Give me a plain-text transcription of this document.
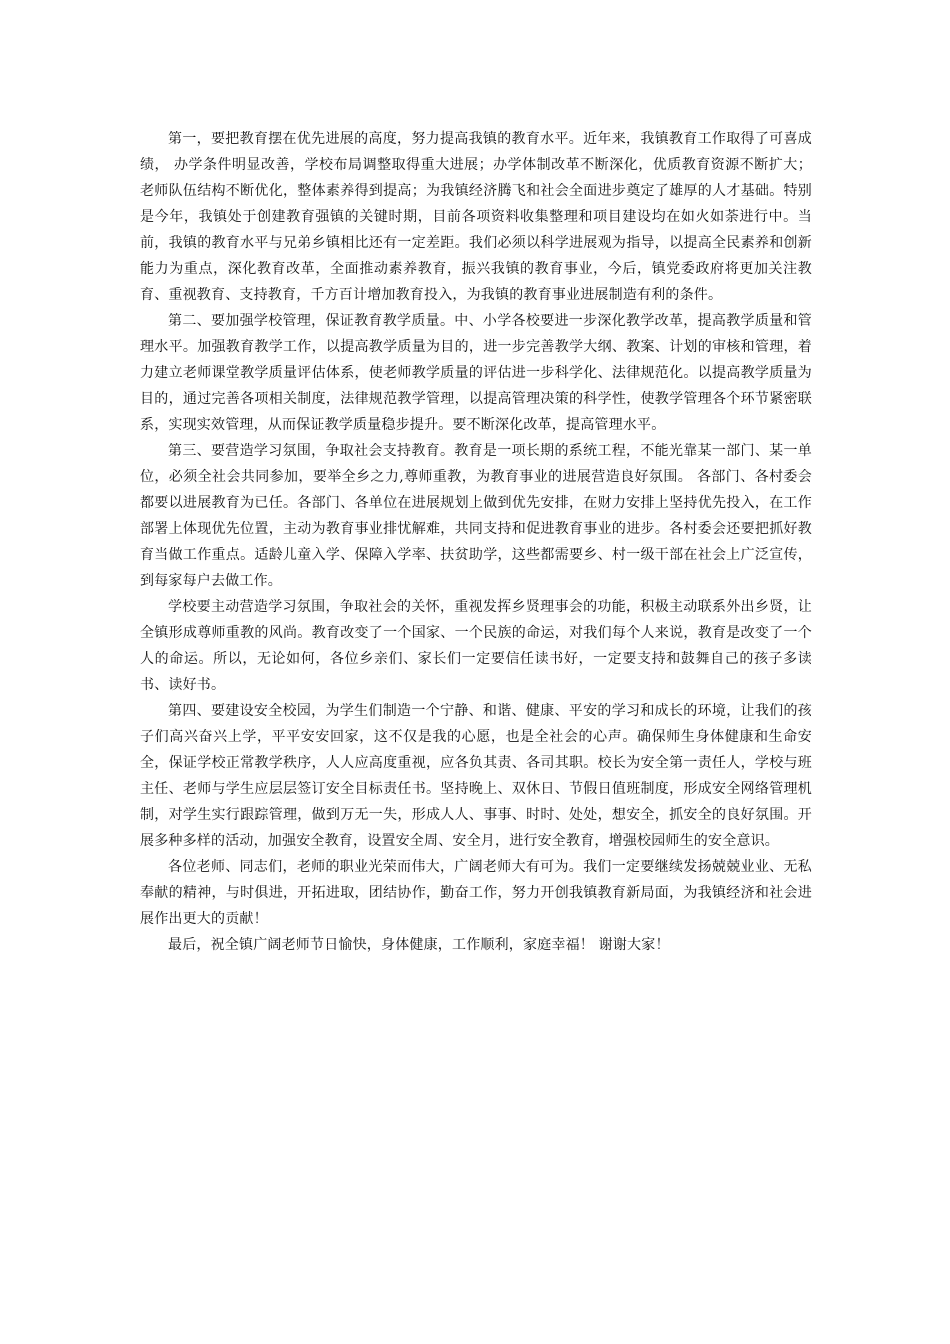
第一，要把教育摆在优先进展的高度，努力提高我镇的教育水平。近年来，我镇教育工作取得了可喜成绩， 办学条件明显改善，学校布局调整取得重大进展；办学体制改革不断深化，优质教育资源不断扩大；老师队伍结构不断优化，整体素养得到提高；为我镇经济腾飞和社会全面进步奠定了雄厚的人才基础。特别是今年，我镇处于创建教育强镇的关键时期，目前各项资料收集整理和项目建设均在如火如荼进行中。当前，我镇的教育水平与兄弟乡镇相比还有一定差距。我们必须以科学进展观为指导，以提高全民素养和创新能力为重点，深化教育改革，全面推动素养教育，振兴我镇的教育事业，今后，镇党委政府将更加关注教育、重视教育、支持教育，千方百计增加教育投入，为我镇的教育事业进展制造有利的条件。

第二、要加强学校管理，保证教育教学质量。中、小学各校要进一步深化教学改革，提高教学质量和管理水平。加强教育教学工作，以提高教学质量为目的，进一步完善教学大纲、教案、计划的审核和管理，着力建立老师课堂教学质量评估体系，使老师教学质量的评估进一步科学化、法律规范化。以提高教学质量为目的，通过完善各项相关制度，法律规范教学管理，以提高管理决策的科学性，使教学管理各个环节紧密联系，实现实效管理，从而保证教学质量稳步提升。要不断深化改革，提高管理水平。

第三、要营造学习氛围，争取社会支持教育。教育是一项长期的系统工程，不能光靠某一部门、某一单位，必须全社会共同参加，要举全乡之力,尊师重教，为教育事业的进展营造良好氛围。 各部门、各村委会都要以进展教育为已任。各部门、各单位在进展规划上做到优先安排，在财力安排上坚持优先投入，在工作部署上体现优先位置，主动为教育事业排忧解难，共同支持和促进教育事业的进步。各村委会还要把抓好教育当做工作重点。适龄儿童入学、保障入学率、扶贫助学，这些都需要乡、村一级干部在社会上广泛宣传，到每家每户去做工作。

学校要主动营造学习氛围，争取社会的关怀，重视发挥乡贤理事会的功能，积极主动联系外出乡贤，让全镇形成尊师重教的风尚。教育改变了一个国家、一个民族的命运，对我们每个人来说，教育是改变了一个人的命运。所以，无论如何，各位乡亲们、家长们一定要信任读书好，一定要支持和鼓舞自己的孩子多读书、读好书。

第四、要建设安全校园，为学生们制造一个宁静、和谐、健康、平安的学习和成长的环境，让我们的孩子们高兴奋兴上学，平平安安回家，这不仅是我的心愿，也是全社会的心声。确保师生身体健康和生命安全，保证学校正常教学秩序，人人应高度重视，应各负其责、各司其职。校长为安全第一责任人，学校与班主任、老师与学生应层层签订安全目标责任书。坚持晚上、双休日、节假日值班制度，形成安全网络管理机制，对学生实行跟踪管理，做到万无一失，形成人人、事事、时时、处处，想安全，抓安全的良好氛围。开展多种多样的活动，加强安全教育，设置安全周、安全月，进行安全教育，增强校园师生的安全意识。

各位老师、同志们，老师的职业光荣而伟大，广阔老师大有可为。我们一定要继续发扬兢兢业业、无私奉献的精神，与时俱进，开拓进取，团结协作，勤奋工作，努力开创我镇教育新局面，为我镇经济和社会进展作出更大的贡献！

最后，祝全镇广阔老师节日愉快，身体健康，工作顺利，家庭幸福！ 谢谢大家！
